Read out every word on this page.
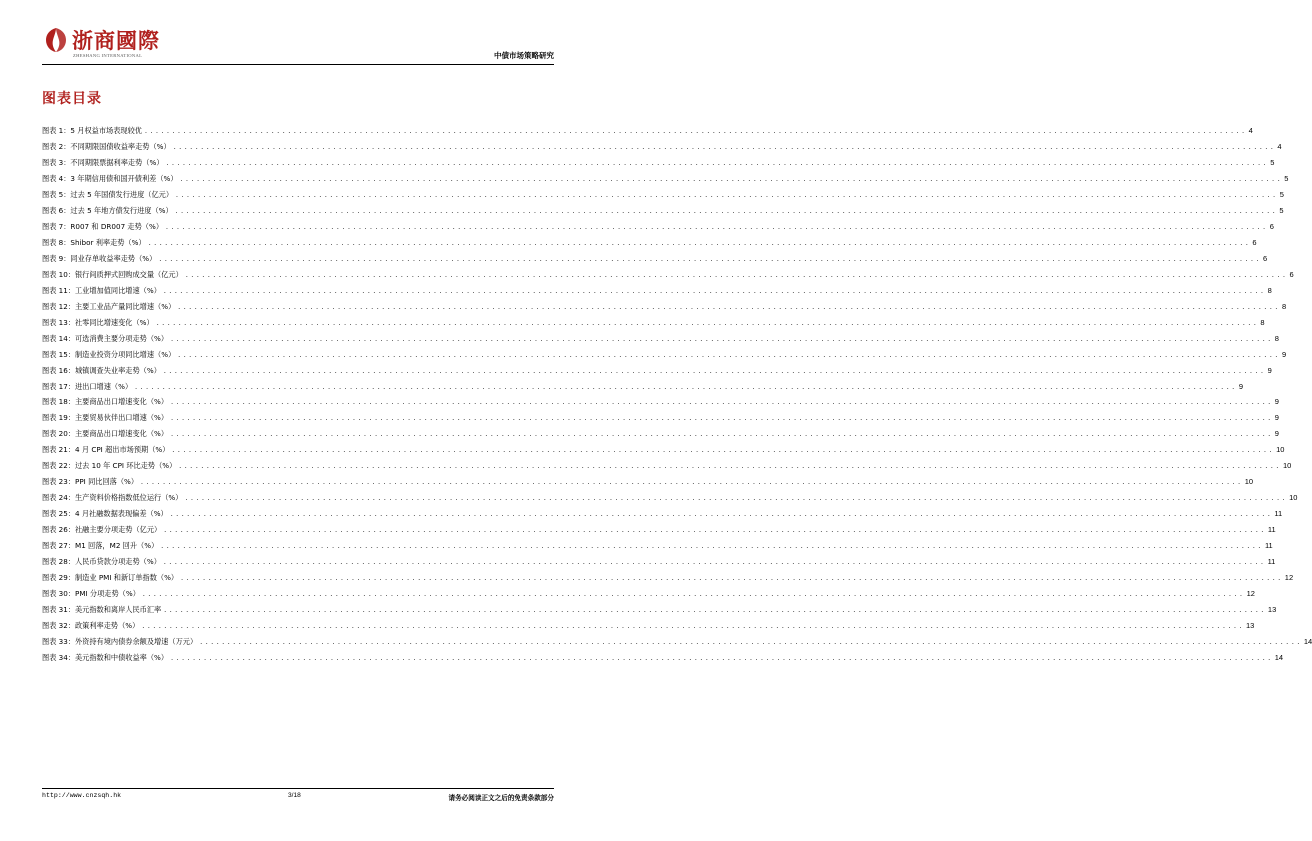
浙商國際
ZHESHANG INTERNATIONAL	中债市场策略研究
图表目录
图表 1：5 月权益市场表现较优 ........................................................................................................................................................................................................ 4
图表 2：不同期限国债收益率走势（%） ........................................................................................................................................................................................................ 4
图表 3：不同期限票据利率走势（%） ........................................................................................................................................................................................................ 5
图表 4：3 年期信用债和国开债利差（%） ........................................................................................................................................................................................................ 5
图表 5：过去 5 年国债发行进度（亿元） ........................................................................................................................................................................................................ 5
图表 6：过去 5 年地方债发行进度（%） ........................................................................................................................................................................................................ 5
图表 7：R007 和 DR007 走势（%） ........................................................................................................................................................................................................ 6
图表 8：Shibor 利率走势（%） ........................................................................................................................................................................................................ 6
图表 9：同业存单收益率走势（%） ........................................................................................................................................................................................................ 6
图表 10：银行间质押式回购成交量（亿元） ........................................................................................................................................................................................................ 6
图表 11：工业增加值同比增速（%） ........................................................................................................................................................................................................ 8
图表 12：主要工业品产量同比增速（%） ........................................................................................................................................................................................................ 8
图表 13：社零同比增速变化（%） ........................................................................................................................................................................................................ 8
图表 14：可选消费主要分项走势（%） ........................................................................................................................................................................................................ 8
图表 15：制造业投资分项同比增速（%） ........................................................................................................................................................................................................ 9
图表 16：城镇调查失业率走势（%） ........................................................................................................................................................................................................ 9
图表 17：进出口增速（%） ........................................................................................................................................................................................................ 9
图表 18：主要商品出口增速变化（%） ........................................................................................................................................................................................................ 9
图表 19：主要贸易伙伴出口增速（%） ........................................................................................................................................................................................................ 9
图表 20：主要商品出口增速变化（%） ........................................................................................................................................................................................................ 9
图表 21：4 月 CPI 超出市场预期（%） ........................................................................................................................................................................................................ 10
图表 22：过去 10 年 CPI 环比走势（%） ........................................................................................................................................................................................................ 10
图表 23：PPI 同比回落（%） ........................................................................................................................................................................................................ 10
图表 24：生产资料价格指数低位运行（%） ........................................................................................................................................................................................................ 10
图表 25：4 月社融数据表现偏差（%） ........................................................................................................................................................................................................ 11
图表 26：社融主要分项走势（亿元） ........................................................................................................................................................................................................ 11
图表 27：M1 回落，M2 回升（%） ........................................................................................................................................................................................................ 11
图表 28：人民币贷款分项走势（%） ........................................................................................................................................................................................................ 11
图表 29：制造业 PMI 和新订单指数（%） ........................................................................................................................................................................................................ 12
图表 30：PMI 分项走势（%） ........................................................................................................................................................................................................ 12
图表 31：美元指数和离岸人民币汇率 ........................................................................................................................................................................................................ 13
图表 32：政策利率走势（%） ........................................................................................................................................................................................................ 13
图表 33：外资持有境内债券余额及增速（万元） ........................................................................................................................................................................................................ 14
图表 34：美元指数和中债收益率（%） ........................................................................................................................................................................................................ 14
http://www.cnzsqh.hk	3/18	请务必阅读正文之后的免责条款部分
